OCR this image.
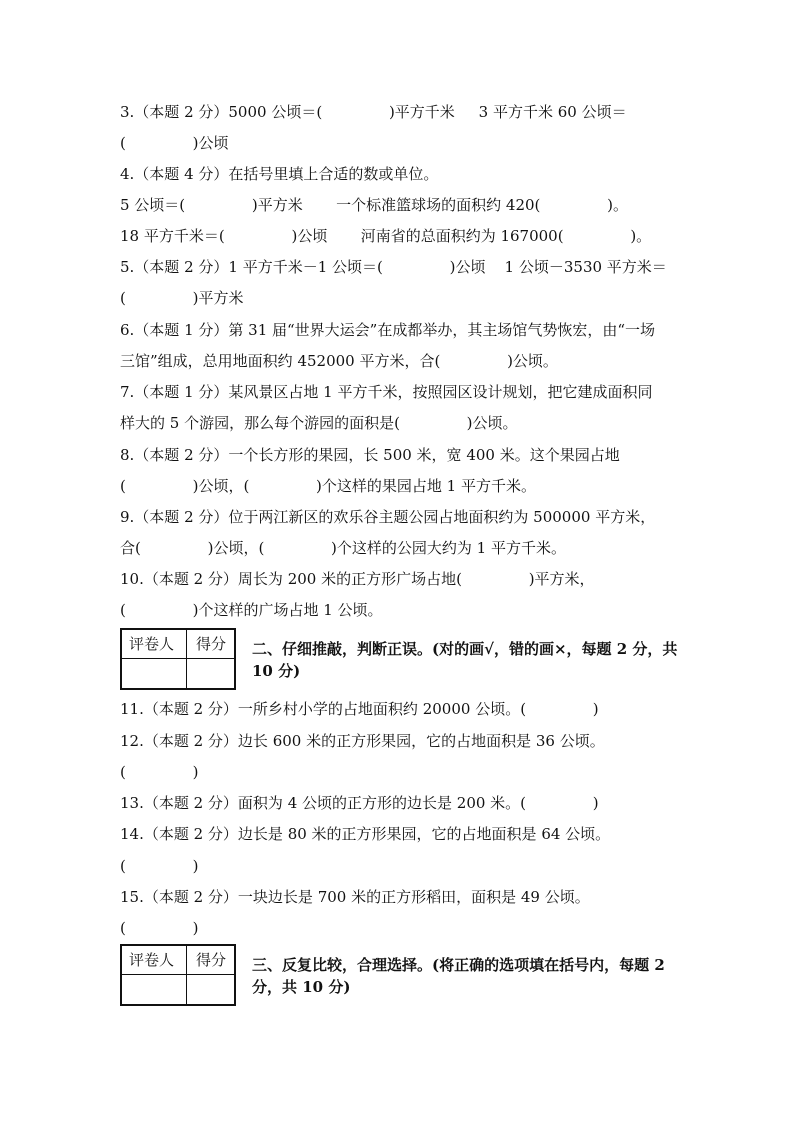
3.（本题 2 分）5000 公顷＝(              )平方千米     3 平方千米 60 公顷＝
(              )公顷
4.（本题 4 分）在括号里填上合适的数或单位。
5 公顷＝(              )平方米       一个标准篮球场的面积约 420(              )。
18 平方千米＝(              )公顷       河南省的总面积约为 167000(              )。
5.（本题 2 分）1 平方千米－1 公顷＝(              )公顷    1 公顷－3530 平方米＝
(              )平方米
6.（本题 1 分）第 31 届“世界大运会”在成都举办，其主场馆气势恢宏，由“一场
三馆”组成，总用地面积约 452000 平方米，合(              )公顷。
7.（本题 1 分）某风景区占地 1 平方千米，按照园区设计规划，把它建成面积同
样大的 5 个游园，那么每个游园的面积是(              )公顷。
8.（本题 2 分）一个长方形的果园，长 500 米，宽 400 米。这个果园占地
(              )公顷，(              )个这样的果园占地 1 平方千米。
9.（本题 2 分）位于两江新区的欢乐谷主题公园占地面积约为 500000 平方米，
合(              )公顷，(              )个这样的公园大约为 1 平方千米。
10.（本题 2 分）周长为 200 米的正方形广场占地(              )平方米，
(              )个这样的广场占地 1 公顷。
评卷人 得分 二、仔细推敲，判断正误。(对的画√，错的画×，每题 2 分，共 10 分)
11.（本题 2 分）一所乡村小学的占地面积约 20000 公顷。(              )
12.（本题 2 分）边长 600 米的正方形果园，它的占地面积是 36 公顷。
(              )
13.（本题 2 分）面积为 4 公顷的正方形的边长是 200 米。(              )
14.（本题 2 分）边长是 80 米的正方形果园，它的占地面积是 64 公顷。
(              )
15.（本题 2 分）一块边长是 700 米的正方形稻田，面积是 49 公顷。
(              )
评卷人 得分 三、反复比较，合理选择。(将正确的选项填在括号内，每题 2 分，共 10 分)
